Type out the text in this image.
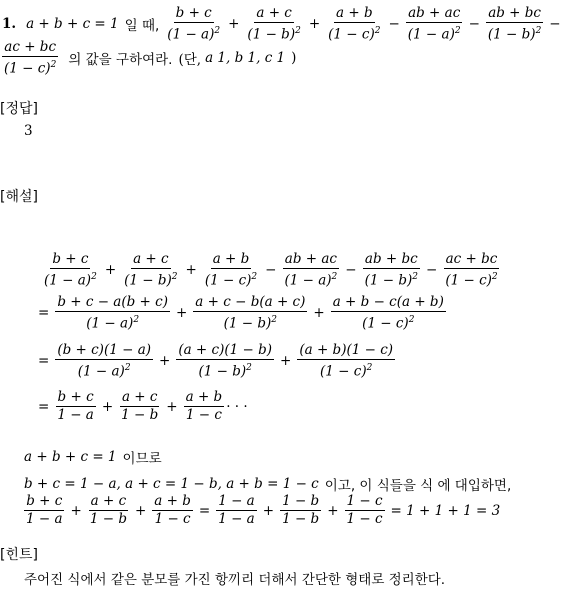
1. a + b + c = 1 일 때, $\frac{b + c}{(1 - a)^2} + \frac{a + c}{(1 - b)^2} + \frac{a + b}{(1 - c)^2} - \frac{ab + ac}{(1 - a)^2} - \frac{ab + bc}{(1 - b)^2}$ −
$\frac{ac + bc}{(1 - c)^2}$ 의 값을 구하여라. (단, a 1, b 1, c 1 )
[정답]
3
[해설]
$\frac{b + c}{(1 - a)^2} + \frac{a + c}{(1 - b)^2} + \frac{a + b}{(1 - c)^2} - \frac{ab + ac}{(1 - a)^2} - \frac{ab + bc}{(1 - b)^2} - \frac{ac + bc}{(1 - c)^2}$
= $\frac{b + c - a(b + c)}{(1 - a)^2} + \frac{a + c - b(a + c)}{(1 - b)^2} + \frac{a + b - c(a + b)}{(1 - c)^2}$
= $\frac{(b + c)(1 - a)}{(1 - a)^2} + \frac{(a + c)(1 - b)}{(1 - b)^2} + \frac{(a + b)(1 - c)}{(1 - c)^2}$
= $\frac{b + c}{1 - a} + \frac{a + c}{1 - b} + \frac{a + b}{1 - c}$ · · ·
a + b + c = 1 이므로
b + c = 1 − a, a + c = 1 − b, a + b = 1 − c 이고, 이 식들을 식 에 대입하면,
$\frac{b + c}{1 - a} + \frac{a + c}{1 - b} + \frac{a + b}{1 - c} = \frac{1 - a}{1 - a} + \frac{1 - b}{1 - b} + \frac{1 - c}{1 - c} = 1 + 1 + 1 = 3$
[힌트]
주어진 식에서 같은 분모를 가진 항끼리 더해서 간단한 형태로 정리한다.
